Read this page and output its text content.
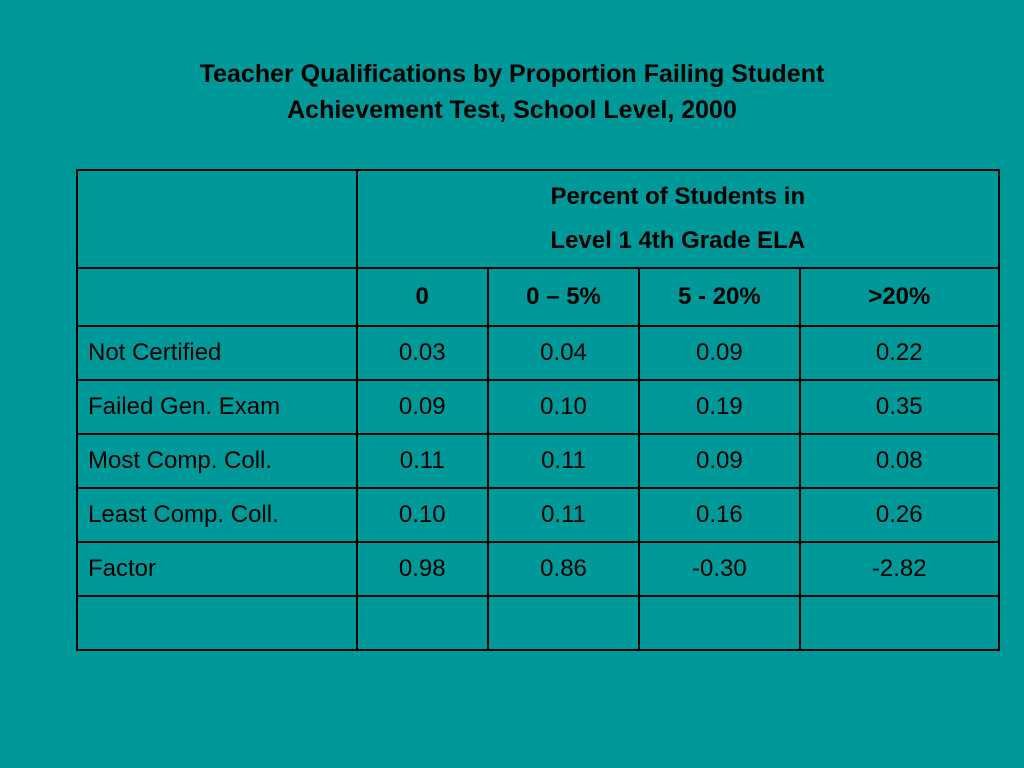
Teacher Qualifications by Proportion Failing Student
Achievement Test, School Level, 2000

	Percent of Students in
Level 1 4th Grade ELA			

	0	0 – 5%	5 - 20%	>20%
Not Certified	0.03	0.04	0.09	0.22
Failed Gen. Exam	0.09	0.10	0.19	0.35
Most Comp. Coll.	0.11	0.11	0.09	0.08
Least Comp. Coll.	0.10	0.11	0.16	0.26
Factor	0.98	0.86	-0.30	-2.82
